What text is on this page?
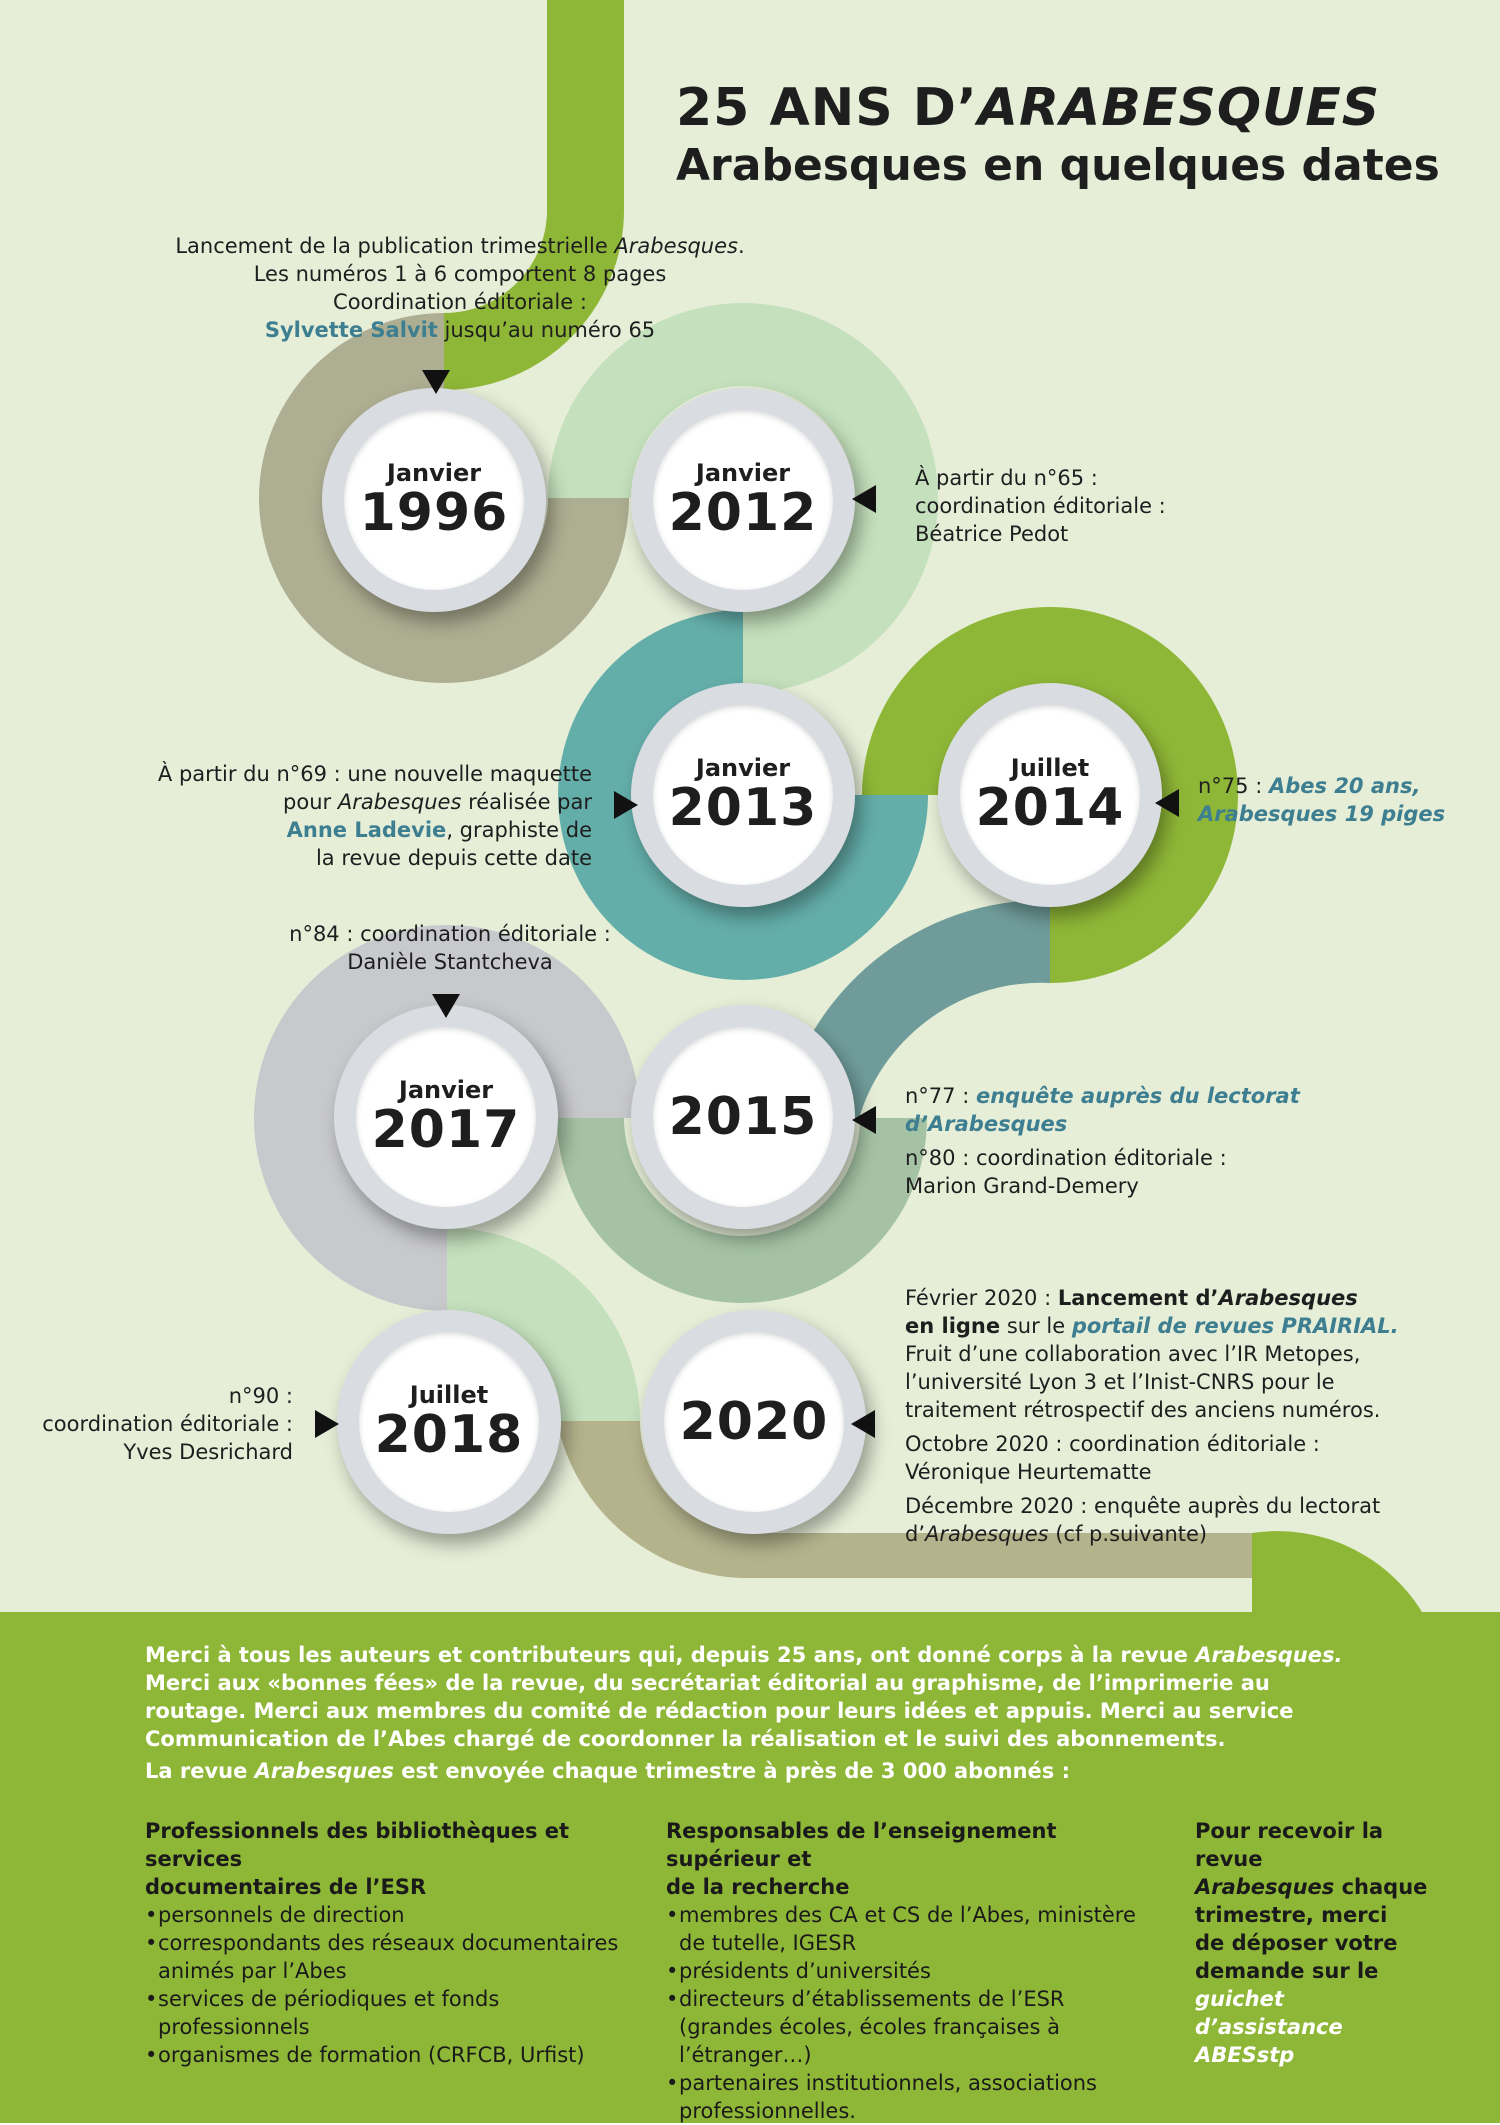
25 ANS D’ARABESQUES
Arabesques en quelques dates
Janvier
1996
Janvier
2012
Janvier
2013
Juillet
2014
Janvier
2017	2015
Juillet
2018	2020
Lancement de la publication trimestrielle Arabesques.
Les numéros 1 à 6 comportent 8 pages
Coordination éditoriale :
Sylvette Salvit jusqu’au numéro 65
À partir du n°65 :
coordination éditoriale :
Béatrice Pedot
À partir du n°69 : une nouvelle maquette
pour Arabesques réalisée par
Anne Ladevie, graphiste de
la revue depuis cette date
n°75 : Abes 20 ans,
Arabesques 19 piges
n°84 : coordination éditoriale :
Danièle Stantcheva
n°77 : enquête auprès du lectorat d’Arabesques
n°80 : coordination éditoriale :
Marion Grand-Demery
n°90 :
coordination éditoriale :
Yves Desrichard
Février 2020 : Lancement d’Arabesques
en ligne sur le portail de revues PRAIRIAL.
Fruit d’une collaboration avec l’IR Metopes,
l’université Lyon 3 et l’Inist-CNRS pour le
traitement rétrospectif des anciens numéros.
Octobre 2020 : coordination éditoriale :
Véronique Heurtematte
Décembre 2020 : enquête auprès du lectorat
d’Arabesques (cf p.suivante)
Merci à tous les auteurs et contributeurs qui, depuis 25 ans, ont donné corps à la revue Arabesques.
Merci aux «bonnes fées» de la revue, du secrétariat éditorial au graphisme, de l’imprimerie au
routage. Merci aux membres du comité de rédaction pour leurs idées et appuis. Merci au service
Communication de l’Abes chargé de coordonner la réalisation et le suivi des abonnements.
La revue Arabesques est envoyée chaque trimestre à près de 3 000 abonnés :
Professionnels des bibliothèques et services
documentaires de l’ESR
• personnels de direction
• correspondants des réseaux documentaires animés par l’Abes
• services de périodiques et fonds professionnels
• organismes de formation (CRFCB, Urfist)
Responsables de l’enseignement supérieur et
de la recherche
• membres des CA et CS de l’Abes, ministère de tutelle, IGESR
• présidents d’universités
• directeurs d’établissements de l’ESR (grandes écoles, écoles françaises à l’étranger…)
• partenaires institutionnels, associations professionnelles.
Pour recevoir la revue
Arabesques chaque
trimestre, merci
de déposer votre
demande sur le guichet
d’assistance ABESstp
